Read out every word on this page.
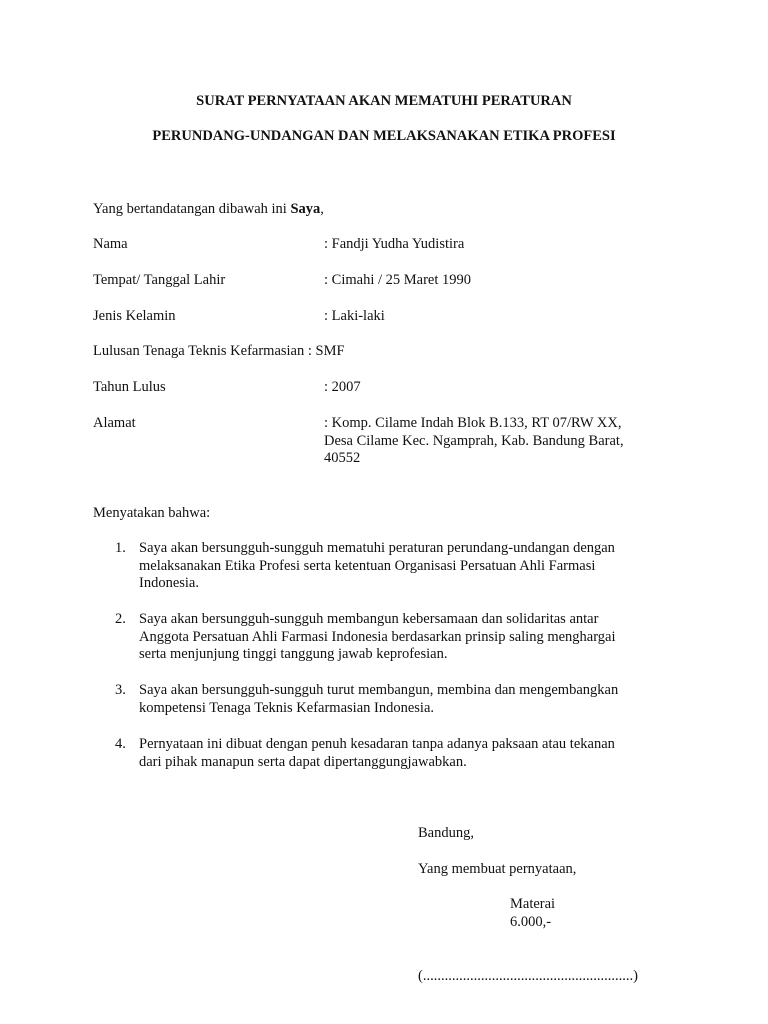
SURAT PERNYATAAN AKAN MEMATUHI PERATURAN
PERUNDANG-UNDANGAN DAN MELAKSANAKAN ETIKA PROFESI
Yang bertandatangan dibawah ini Saya,
Nama	: Fandji Yudha Yudistira
Tempat/ Tanggal Lahir	: Cimahi / 25 Maret 1990
Jenis Kelamin	: Laki-laki
Lulusan Tenaga Teknis Kefarmasian : SMF
Tahun Lulus	: 2007
Alamat	: Komp. Cilame Indah Blok B.133, RT 07/RW XX,
Desa Cilame Kec. Ngamprah, Kab. Bandung Barat,
40552
Menyatakan bahwa:
1. Saya akan bersungguh-sungguh mematuhi peraturan perundang-undangan dengan
melaksanakan Etika Profesi serta ketentuan Organisasi Persatuan Ahli Farmasi
Indonesia.
2. Saya akan bersungguh-sungguh membangun kebersamaan dan solidaritas antar
Anggota Persatuan Ahli Farmasi Indonesia berdasarkan prinsip saling menghargai
serta menjunjung tinggi tanggung jawab keprofesian.
3. Saya akan bersungguh-sungguh turut membangun, membina dan mengembangkan
kompetensi Tenaga Teknis Kefarmasian Indonesia.
4. Pernyataan ini dibuat dengan penuh kesadaran tanpa adanya paksaan atau tekanan
dari pihak manapun serta dapat dipertanggungjawabkan.
Bandung,
Yang membuat pernyataan,
Materai
6.000,-
(..........................................................)
